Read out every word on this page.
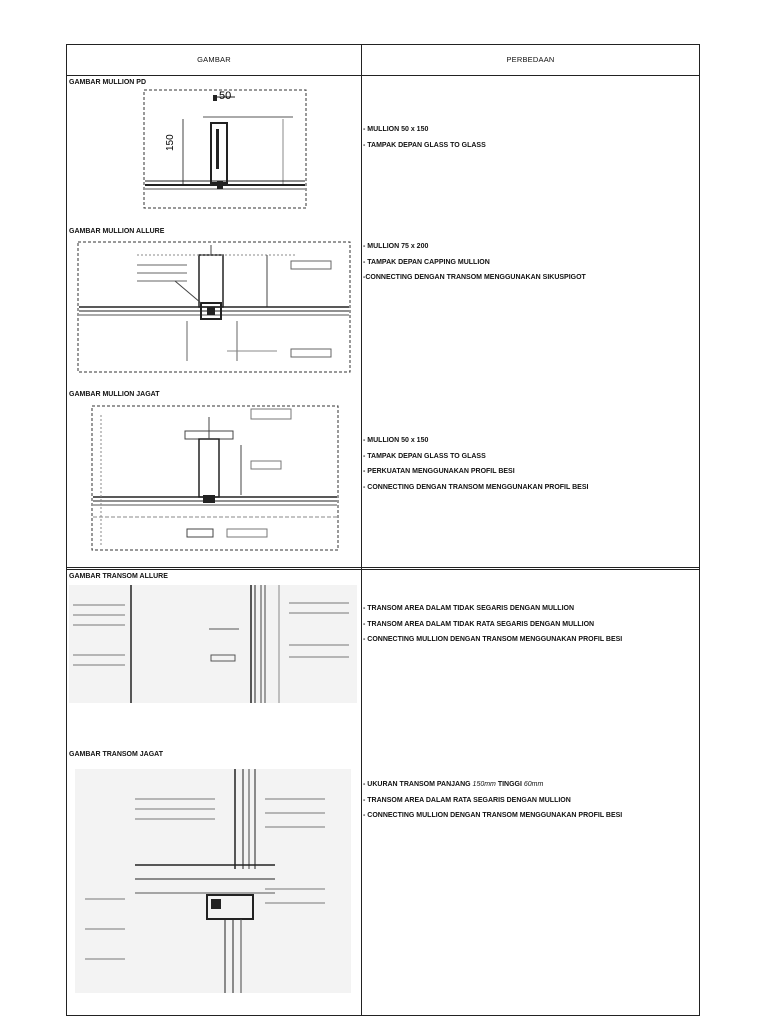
GAMBAR	PERBEDAAN
GAMBAR MULLION PD
50
150
- MULLION 50 x 150
- TAMPAK DEPAN GLASS TO GLASS
GAMBAR MULLION ALLURE
- MULLION 75 x 200
- TAMPAK DEPAN CAPPING MULLION
-CONNECTING DENGAN TRANSOM MENGGUNAKAN SIKUSPIGOT
GAMBAR MULLION JAGAT
- MULLION 50 x 150
- TAMPAK DEPAN GLASS TO GLASS
- PERKUATAN MENGGUNAKAN PROFIL BESI
- CONNECTING DENGAN TRANSOM MENGGUNAKAN PROFIL BESI
GAMBAR TRANSOM ALLURE
- TRANSOM AREA DALAM TIDAK SEGARIS DENGAN MULLION
- TRANSOM AREA DALAM TIDAK RATA SEGARIS DENGAN MULLION
- CONNECTING MULLION DENGAN TRANSOM MENGGUNAKAN PROFIL BESI
GAMBAR TRANSOM JAGAT
- UKURAN TRANSOM PANJANG 150mm TINGGI 60mm
- TRANSOM AREA DALAM RATA SEGARIS DENGAN MULLION
- CONNECTING MULLION DENGAN TRANSOM MENGGUNAKAN PROFIL BESI
